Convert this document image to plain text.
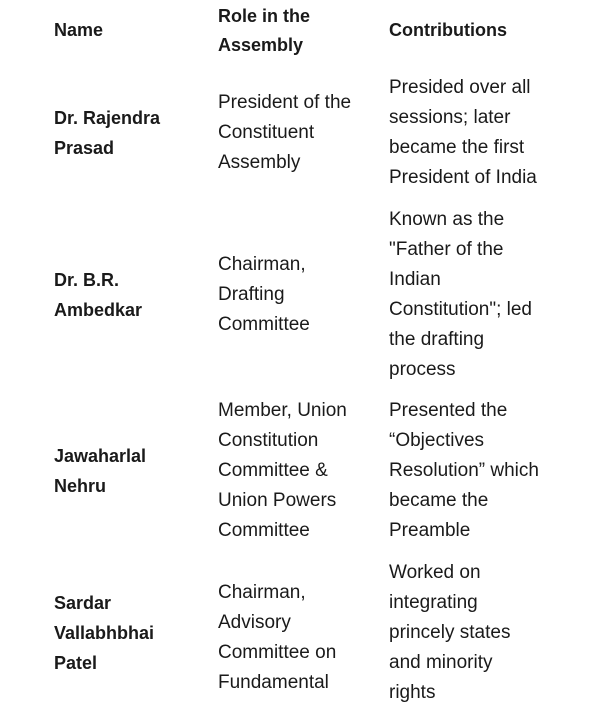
Name
Role in the
Assembly
Contributions
Dr. Rajendra
Prasad
President of the
Constituent
Assembly
Presided over all
sessions; later
became the first
President of India
Dr. B.R.
Ambedkar
Chairman,
Drafting
Committee
Known as the
"Father of the
Indian
Constitution"; led
the drafting
process
Jawaharlal
Nehru
Member, Union
Constitution
Committee &
Union Powers
Committee
Presented the
“Objectives
Resolution” which
became the
Preamble
Sardar
Vallabhbhai
Patel
Chairman,
Advisory
Committee on
Fundamental
Worked on
integrating
princely states
and minority
rights
